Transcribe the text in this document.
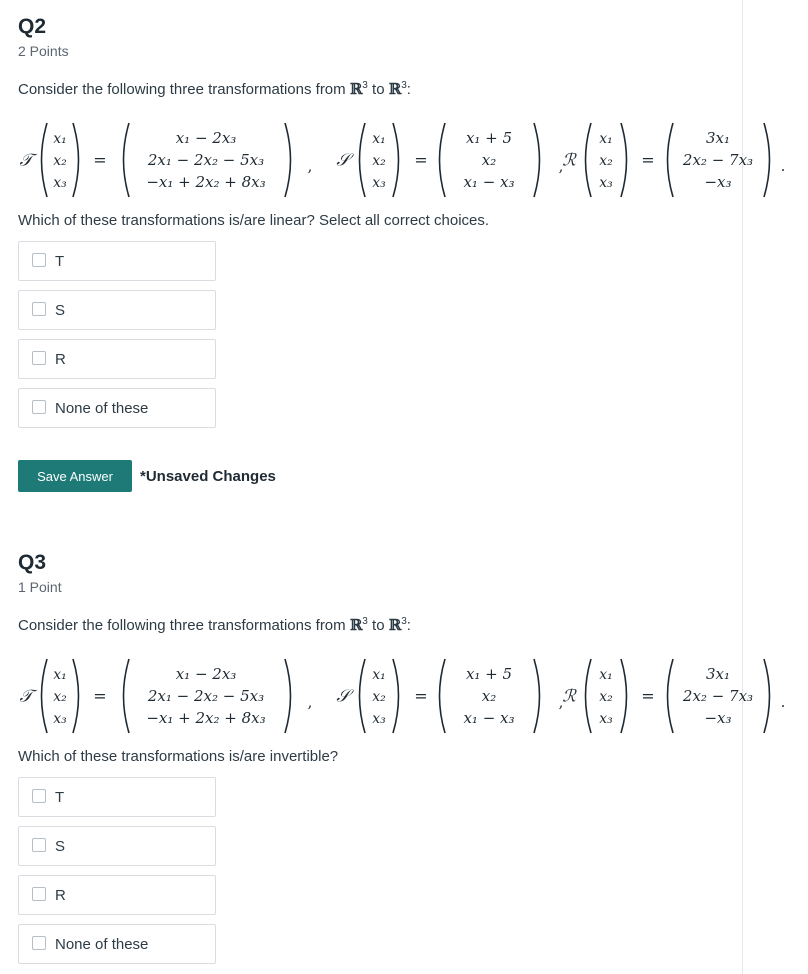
Q2
2 Points
Consider the following three transformations from ℝ$^3$ to ℝ$^3$:
𝒯
x₁
x₂
x₃
=
x₁ − 2x₃
2x₁ − 2x₂ − 5x₃
−x₁ + 2x₂ + 8x₃
, 𝒮
x₁
x₂
x₃
=
x₁ + 5
x₂
x₁ − x₃
,
ℛ
x₁
x₂
x₃
=
3x₁
2x₂ − 7x₃
−x₃
.
Which of these transformations is/are linear? Select all correct choices.
T
S
R
None of these
Save Answer	*Unsaved Changes
Q3
1 Point
Consider the following three transformations from ℝ$^3$ to ℝ$^3$:
𝒯
x₁
x₂
x₃
=
x₁ − 2x₃
2x₁ − 2x₂ − 5x₃
−x₁ + 2x₂ + 8x₃
, 𝒮
x₁
x₂
x₃
=
x₁ + 5
x₂
x₁ − x₃
,
ℛ
x₁
x₂
x₃
=
3x₁
2x₂ − 7x₃
−x₃
.
Which of these transformations is/are invertible?
T
S
R
None of these
